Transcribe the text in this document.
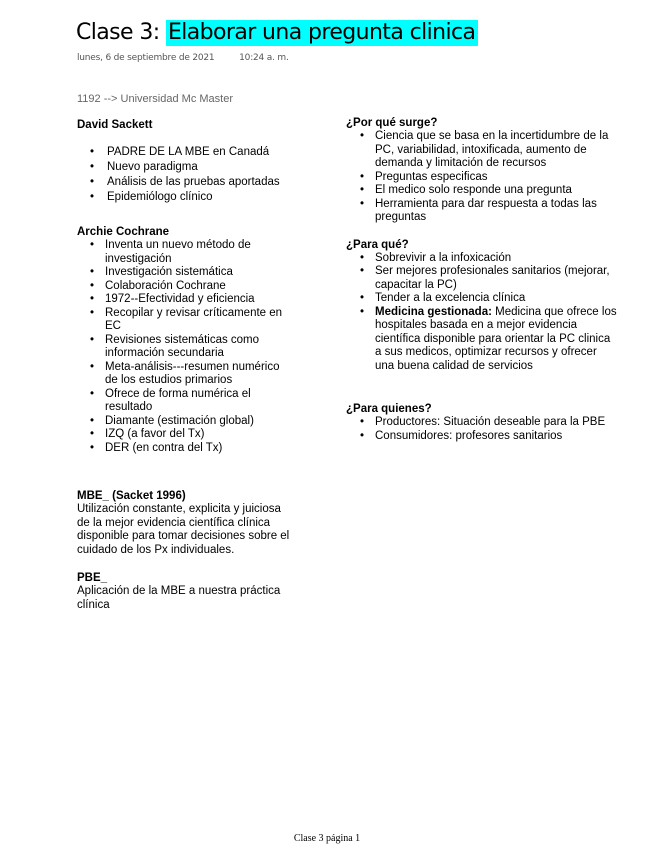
Clase 3: Elaborar una pregunta clinica
lunes, 6 de septiembre de 2021	10:24 a. m.
1192 --> Universidad Mc Master
David Sackett
• PADRE DE LA MBE en Canadá
• Nuevo paradigma
• Análisis de las pruebas aportadas
• Epidemiólogo clínico
Archie Cochrane
• Inventa un nuevo método de investigación
• Investigación sistemática
• Colaboración Cochrane
• 1972--Efectividad y eficiencia
• Recopilar y revisar críticamente en EC
• Revisiones sistemáticas como información secundaria
• Meta-análisis---resumen numérico de los estudios primarios
• Ofrece de forma numérica el resultado
• Diamante (estimación global)
• IZQ (a favor del Tx)
• DER (en contra del Tx)
MBE_ (Sacket 1996)

Utilización constante, explicita y juiciosa de la mejor evidencia científica clínica disponible para tomar decisiones sobre el cuidado de los Px individuales.

PBE_

Aplicación de la MBE a nuestra práctica clínica

¿Por qué surge?
• Ciencia que se basa en la incertidumbre de la PC, variabilidad, intoxificada, aumento de demanda y limitación de recursos
• Preguntas especificas
• El medico solo responde una pregunta
• Herramienta para dar respuesta a todas las preguntas
¿Para qué?
• Sobrevivir a la infoxicación
• Ser mejores profesionales sanitarios (mejorar, capacitar la PC)
• Tender a la excelencia clínica
• Medicina gestionada: Medicina que ofrece los hospitales basada en a mejor evidencia científica disponible para orientar la PC clinica a sus medicos, optimizar recursos y ofrecer una buena calidad de servicios
¿Para quienes?
• Productores: Situación deseable para la PBE
• Consumidores: profesores sanitarios
Clase 3 página 1
